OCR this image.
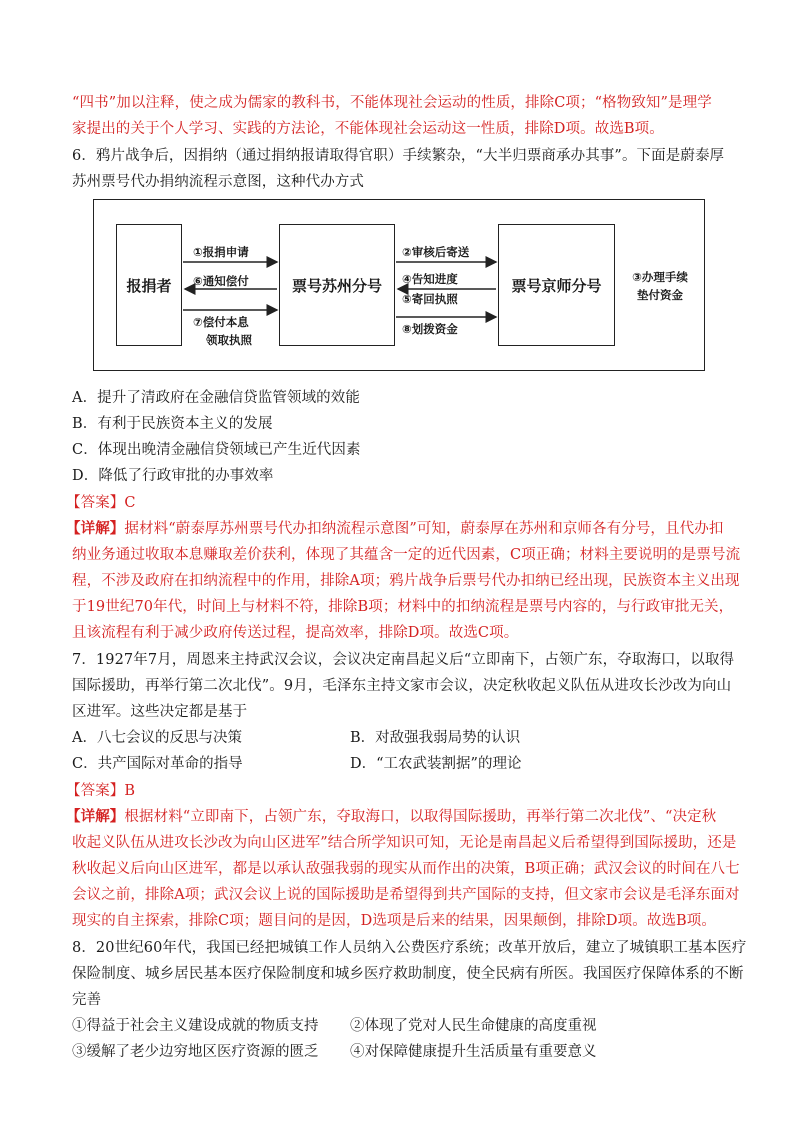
“四书”加以注释，使之成为儒家的教科书，不能体现社会运动的性质，排除C项；“格物致知”是理学
家提出的关于个人学习、实践的方法论，不能体现社会运动这一性质，排除D项。故选B项。
6．鸦片战争后，因捐纳（通过捐纳报请取得官职）手续繁杂，“大半归票商承办其事”。下面是蔚泰厚
苏州票号代办捐纳流程示意图，这种代办方式
报捐者	票号苏州分号	票号京师分号
①报捐申请
⑥通知偿付
⑦偿付本息
领取执照
②审核后寄送
④告知进度
⑤寄回执照
⑧划拨资金
③办理手续
垫付资金
A．提升了清政府在金融信贷监管领域的效能
B．有利于民族资本主义的发展
C．体现出晚清金融信贷领域已产生近代因素
D．降低了行政审批的办事效率
【答案】C
【详解】据材料“蔚泰厚苏州票号代办扣纳流程示意图”可知，蔚泰厚在苏州和京师各有分号，且代办扣
纳业务通过收取本息赚取差价获利，体现了其蕴含一定的近代因素，C项正确；材料主要说明的是票号流
程，不涉及政府在扣纳流程中的作用，排除A项；鸦片战争后票号代办扣纳已经出现，民族资本主义出现
于19世纪70年代，时间上与材料不符，排除B项；材料中的扣纳流程是票号内容的，与行政审批无关，
且该流程有利于减少政府传送过程，提高效率，排除D项。故选C项。
7．1927年7月，周恩来主持武汉会议，会议决定南昌起义后“立即南下，占领广东，夺取海口，以取得
国际援助，再举行第二次北伐”。9月，毛泽东主持文家市会议，决定秋收起义队伍从进攻长沙改为向山
区进军。这些决定都是基于
A．八七会议的反思与决策	B．对敌强我弱局势的认识
C．共产国际对革命的指导	D．“工农武装割据”的理论
【答案】B
【详解】根据材料“立即南下，占领广东，夺取海口，以取得国际援助，再举行第二次北伐”、“决定秋
收起义队伍从进攻长沙改为向山区进军”结合所学知识可知，无论是南昌起义后希望得到国际援助，还是
秋收起义后向山区进军，都是以承认敌强我弱的现实从而作出的决策，B项正确；武汉会议的时间在八七
会议之前，排除A项；武汉会议上说的国际援助是希望得到共产国际的支持，但文家市会议是毛泽东面对
现实的自主探索，排除C项；题目问的是因，D选项是后来的结果，因果颠倒，排除D项。故选B项。
8．20世纪60年代，我国已经把城镇工作人员纳入公费医疗系统；改革开放后，建立了城镇职工基本医疗
保险制度、城乡居民基本医疗保险制度和城乡医疗救助制度，使全民病有所医。我国医疗保障体系的不断
完善
①得益于社会主义建设成就的物质支持 ②体现了党对人民生命健康的高度重视
③缓解了老少边穷地区医疗资源的匮乏 ④对保障健康提升生活质量有重要意义
